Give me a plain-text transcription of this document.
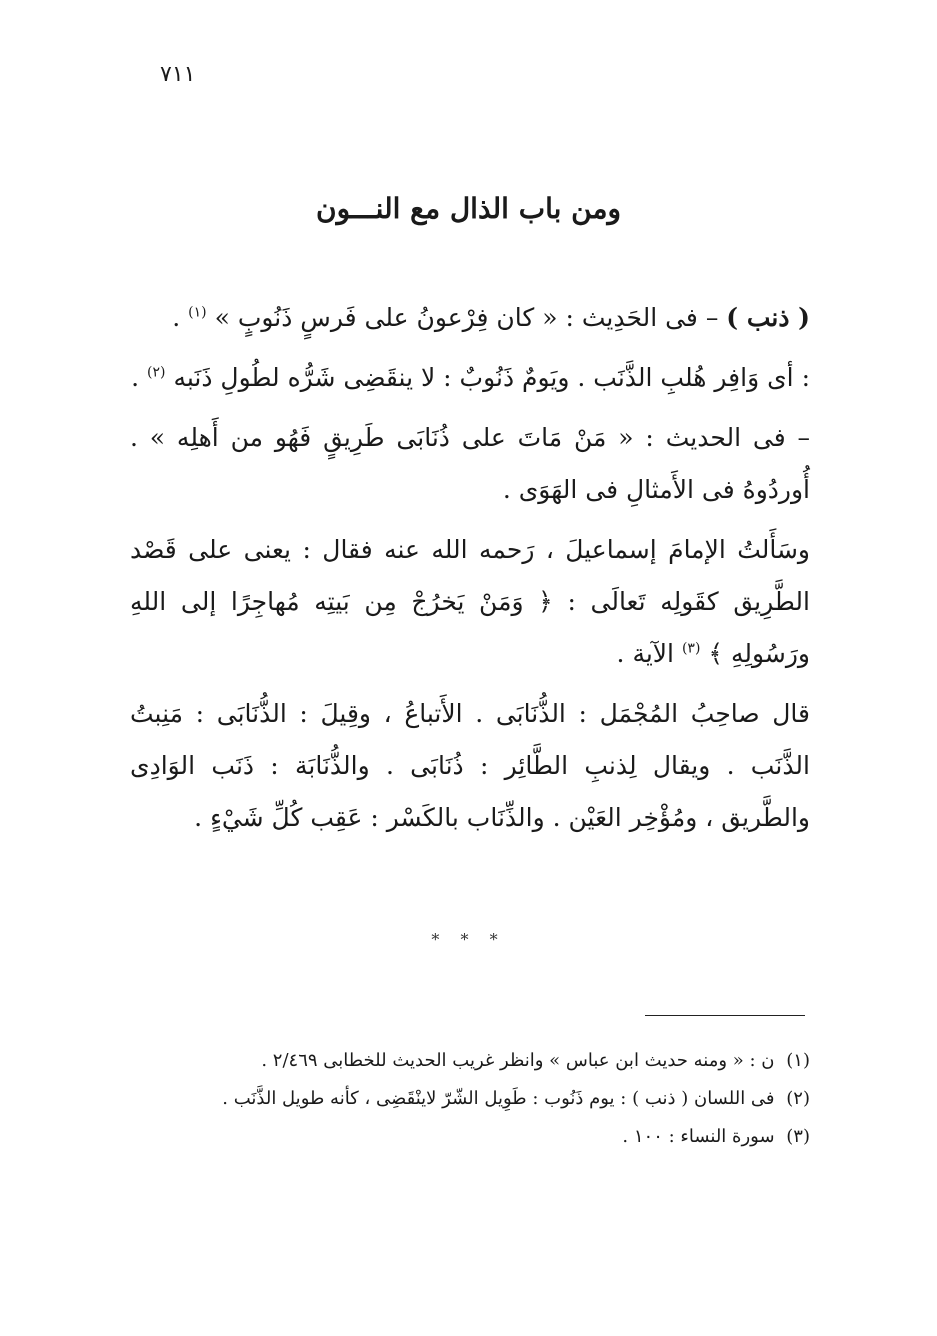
٧١١
ومن باب الذال مع النـــون

( ذنب ) – فى الحَدِيث : « كان فِرْعونُ على فَرسٍ ذَنُوبٍ » $^{(١)}$ .

: أى وَافِر هُلبِ الذَّنَب . ويَومٌ ذَنُوبٌ : لا ينقَضِى شَرُّه لطُولِ ذَنَبه $^{(٢)}$ .

– فى الحديث : « مَنْ مَاتَ على ذُنَابَى طَرِيقٍ فَهُو من أَهلِه » . أُوردُوهُ فى الأَمثالِ فى الهَوَى .

وسَأَلتُ الإمامَ إسماعيلَ ، رَحمه الله عنه فقال : يعنى على قَصْد الطَّرِيق كقَولِه تَعالَى : ﴿ وَمَنْ يَخرُجْ مِن بَيتِه مُهاجِرًا إلى اللهِ ورَسُولِهِ ﴾ $^{(٣)}$ الآية .

قال صاحِبُ المُجْمَل : الذُّنَابَى . الأَتباعُ ، وقِيلَ : الذُّنَابَى : مَنِبتُ الذَّنَب . ويقال لِذنبِ الطَّائِر : ذُنَابَى . والذُّنَابَة : ذَنَب الوَادِى والطَّريق ، ومُؤْخِر العَيْن . والذِّنَاب بالكَسْر : عَقِب كُلِّ شَيْءٍ .

* * *

(١) ن : « ومنه حديث ابن عباس » وانظر غريب الحديث للخطابى ٢/٤٦٩ .

(٢) فى اللسان ( ذنب ) : يوم ذَنُوب : طَوِيل الشّرّ لاينْقَضِى ، كأنه طويل الذَّنَب .

(٣) سورة النساء : ١٠٠ .
